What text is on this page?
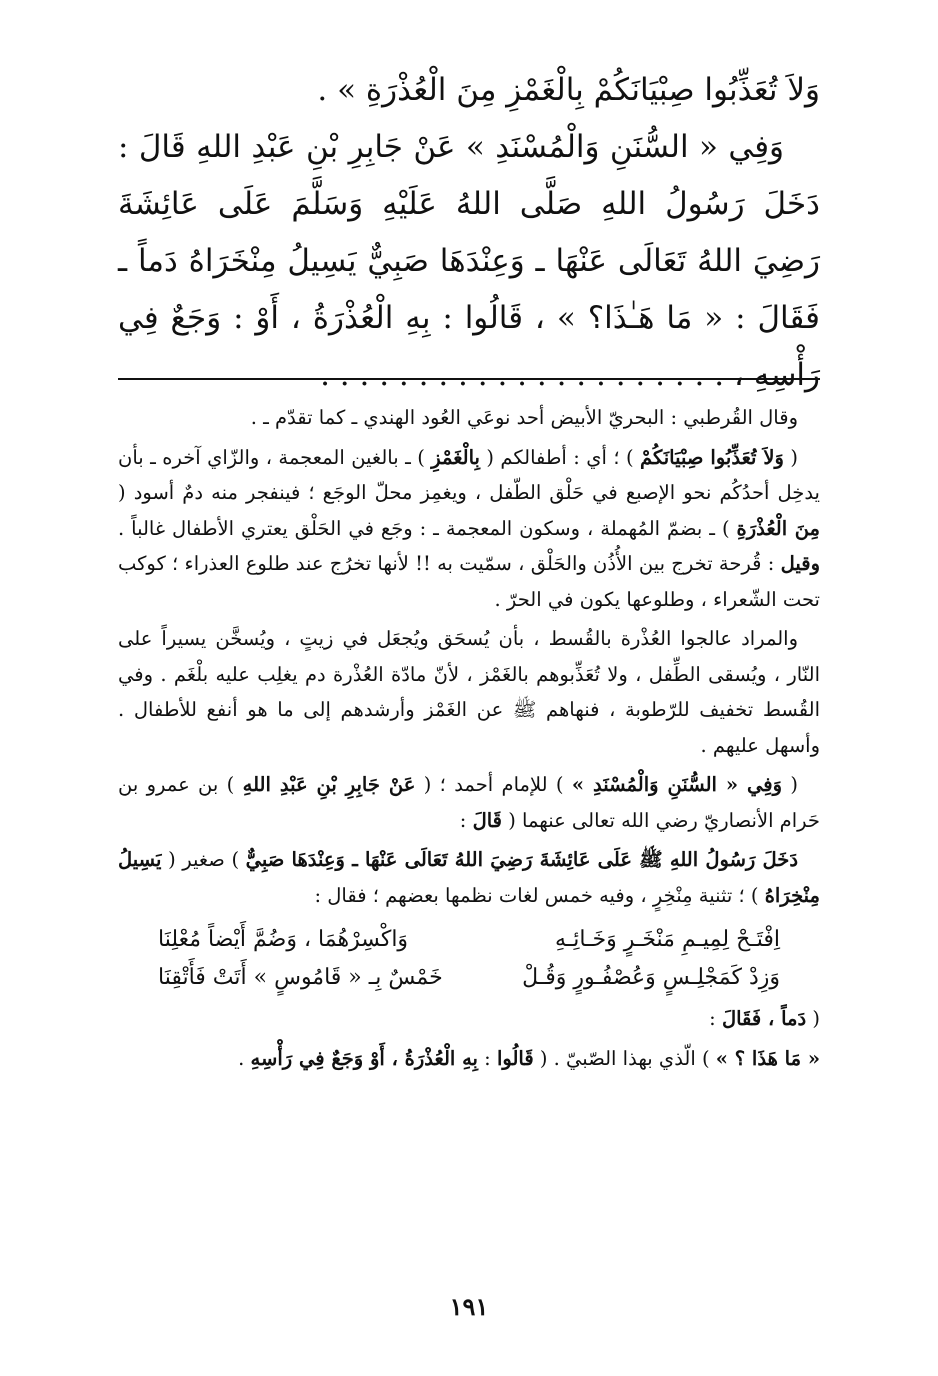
وَلاَ تُعَذِّبُوا صِبْيَانَكُمْ بِالْغَمْزِ مِنَ الْعُذْرَةِ » .

وَفِي « السُّنَنِ وَالْمُسْنَدِ » عَنْ جَابِرِ بْنِ عَبْدِ اللهِ قَالَ : دَخَلَ رَسُولُ اللهِ صَلَّى اللهُ عَلَيْهِ وَسَلَّمَ عَلَى عَائِشَةَ رَضِيَ اللهُ تَعَالَى عَنْهَا ـ وَعِنْدَهَا صَبِيٌّ يَسِيلُ مِنْخَرَاهُ دَماً ـ فَقَالَ : « مَا هَـٰذَا؟ » ، قَالُوا : بِهِ الْعُذْرَةُ ، أَوْ : وَجَعٌ فِي رَأْسِهِ ، . . . . . . . . . . . . . . . . . . . . .

وقال القُرطبي : البحريّ الأبيض أحد نوعَي العُود الهندي ـ كما تقدّم ـ .

( وَلاَ تُعَذِّبُوا صِبْيَانَكُمْ ) ؛ أي : أطفالكم ( بِالْغَمْزِ ) ـ بالغين المعجمة ، والزّاي آخره ـ بأن يدخِل أحدُكُم نحو الإصبع في حَلْق الطّفل ، ويغمِز محلّ الوجَع ؛ فينفجر منه دمٌ أسود ( مِنَ الْعُذْرَةِ ) ـ بضمّ المُهملة ، وسكون المعجمة ـ : وجَع في الحَلْق يعتري الأطفال غالباً . وقيل : قُرحة تخرج بين الأُذُن والحَلْق ، سمّيت به !! لأنها تخرُج عند طلوع العذراء ؛ كوكب تحت الشّعراء ، وطلوعها يكون في الحرّ .

والمراد عالجوا العُذْرة بالقُسط ، بأن يُسحَق ويُجعَل في زيتٍ ، ويُسخَّن يسيراً على النّار ، ويُسقى الطِّفل ، ولا تُعَذِّبوهم بالغَمْز ، لأنّ مادّة العُذْرة دم يغلِب عليه بلْغَم . وفي القُسط تخفيف للرّطوبة ، فنهاهم ﷺ عن الغَمْز وأرشدهم إلى ما هو أنفع للأطفال . وأسهل عليهم .

( وَفِي « السُّنَنِ وَالْمُسْنَدِ » ) للإمام أحمد ؛ ( عَنْ جَابِرِ بْنِ عَبْدِ اللهِ ) بن عمرو بن حَرام الأنصاريّ رضي الله تعالى عنهما ( قَالَ :

دَخَلَ رَسُولُ اللهِ ﷺ عَلَى عَائِشَةَ رَضِيَ اللهُ تَعَالَى عَنْهَا ـ وَعِنْدَهَا صَبِيٌّ ) صغير ( يَسِيلُ مِنْخِرَاهُ ) ؛ تثنية مِنْخِرٍ ، وفيه خمس لغات نظمها بعضهم ؛ فقال :

اِفْتَـحْ لِمِيـمِ مَنْخَـرٍ وَخَـائِـهِ
وَاكْسِرْهُمَا ، وَضُمَّ أَيْضاً مُعْلِنَا
وَزِدْ كَمَجْلِـسٍ وَعُصْفُـورٍ وَقُـلْ
خَمْسٌ بِـ « قَامُوسٍ » أَتَتْ فَأَتْقِنَا

( دَماً ، فَقَالَ :

« مَا هَذَا ؟ » ) الّذي بهذا الصّبيّ . ( قَالُوا : بِهِ الْعُذْرَةُ ، أَوْ وَجَعٌ فِي رَأْسِهِ .

١٩١
